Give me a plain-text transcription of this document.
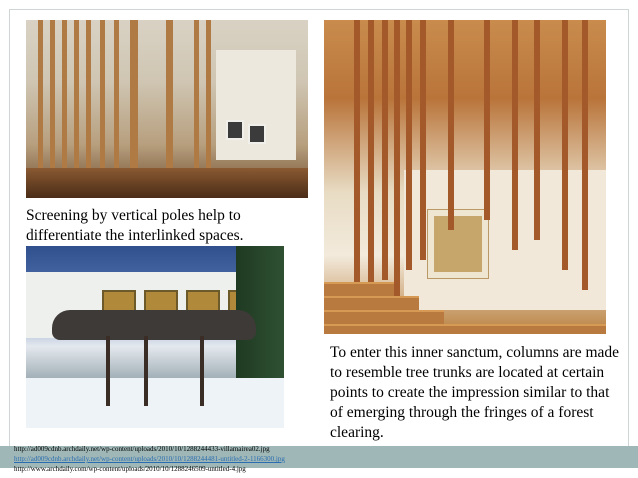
Screening by vertical poles help to differentiate the interlinked spaces.
To enter this inner sanctum, columns are made to resemble tree trunks are located at certain points to create the impression similar to that of emerging through the fringes of a forest clearing.
http://ad009cdnb.archdaily.net/wp-content/uploads/2010/10/1288244433-villamairea02.jpg
http://ad009cdnb.archdaily.net/wp-content/uploads/2010/10/1288244481-untitled-2-1166300.jpg
http://www.archdaily.com/wp-content/uploads/2010/10/1288246509-untitled-4.jpg
